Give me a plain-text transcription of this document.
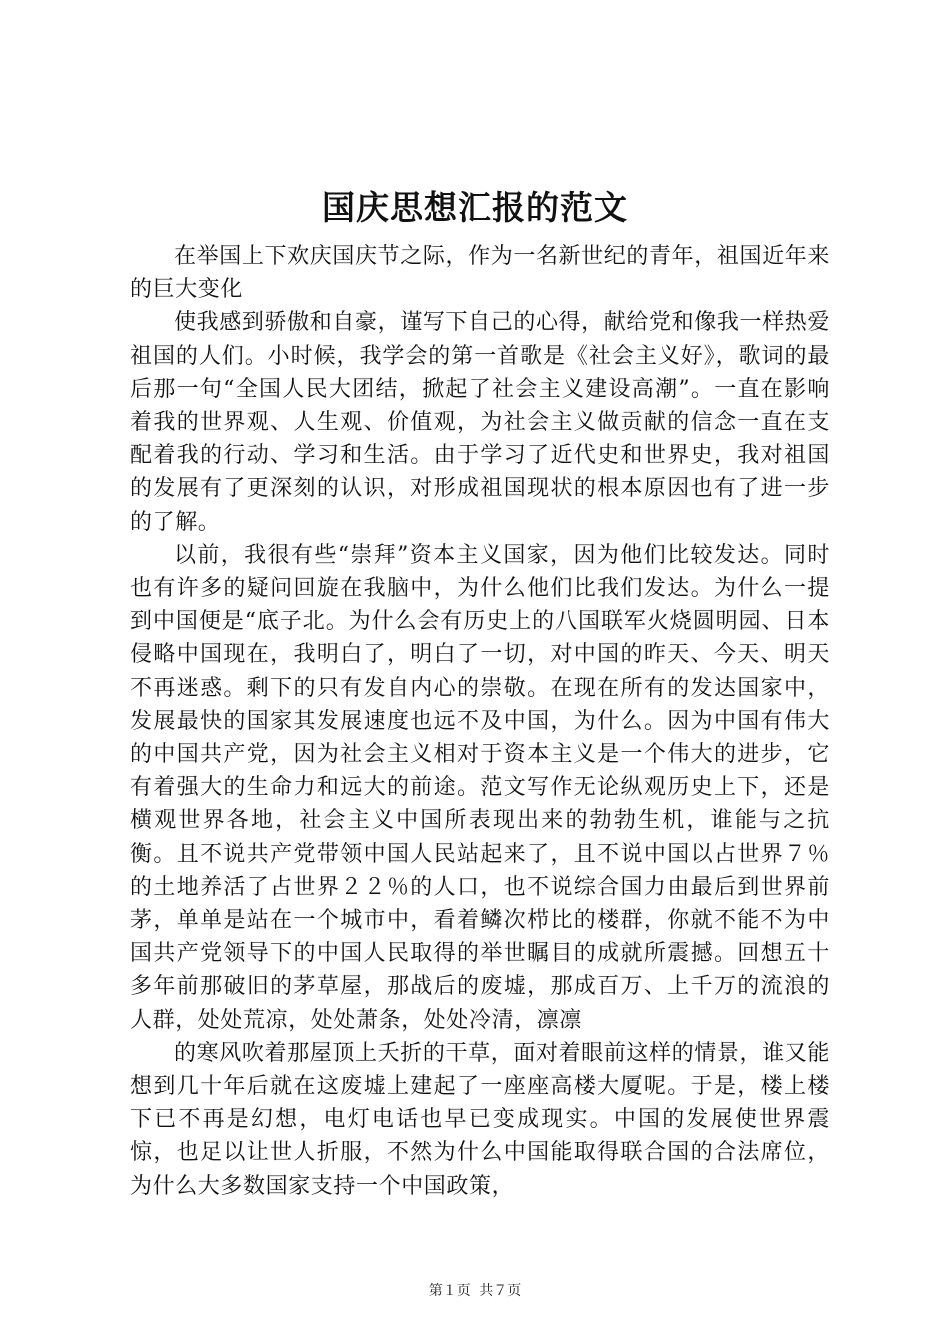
国庆思想汇报的范文

在举国上下欢庆国庆节之际，作为一名新世纪的青年，祖国近年来的巨大变化

使我感到骄傲和自豪，谨写下自己的心得，献给党和像我一样热爱祖国的人们。小时候，我学会的第一首歌是《社会主义好》，歌词的最后那一句“全国人民大团结，掀起了社会主义建设高潮”。一直在影响着我的世界观、人生观、价值观，为社会主义做贡献的信念一直在支配着我的行动、学习和生活。由于学习了近代史和世界史，我对祖国的发展有了更深刻的认识，对形成祖国现状的根本原因也有了进一步的了解。

以前，我很有些“崇拜”资本主义国家，因为他们比较发达。同时也有许多的疑问回旋在我脑中，为什么他们比我们发达。为什么一提到中国便是“底子北。为什么会有历史上的八国联军火烧圆明园、日本侵略中国现在，我明白了，明白了一切，对中国的昨天、今天、明天不再迷惑。剩下的只有发自内心的崇敬。在现在所有的发达国家中，发展最快的国家其发展速度也远不及中国，为什么。因为中国有伟大的中国共产党，因为社会主义相对于资本主义是一个伟大的进步，它有着强大的生命力和远大的前途。范文写作无论纵观历史上下，还是横观世界各地，社会主义中国所表现出来的勃勃生机，谁能与之抗衡。且不说共产党带领中国人民站起来了，且不说中国以占世界７％的土地养活了占世界２２％的人口，也不说综合国力由最后到世界前茅，单单是站在一个城市中，看着鳞次栉比的楼群，你就不能不为中国共产党领导下的中国人民取得的举世瞩目的成就所震撼。回想五十多年前那破旧的茅草屋，那战后的废墟，那成百万、上千万的流浪的人群，处处荒凉，处处萧条，处处冷清，凛凛

的寒风吹着那屋顶上夭折的干草，面对着眼前这样的情景，谁又能想到几十年后就在这废墟上建起了一座座高楼大厦呢。于是，楼上楼下已不再是幻想，电灯电话也早已变成现实。中国的发展使世界震惊，也足以让世人折服，不然为什么中国能取得联合国的合法席位，为什么大多数国家支持一个中国政策，

第１页 共７页
